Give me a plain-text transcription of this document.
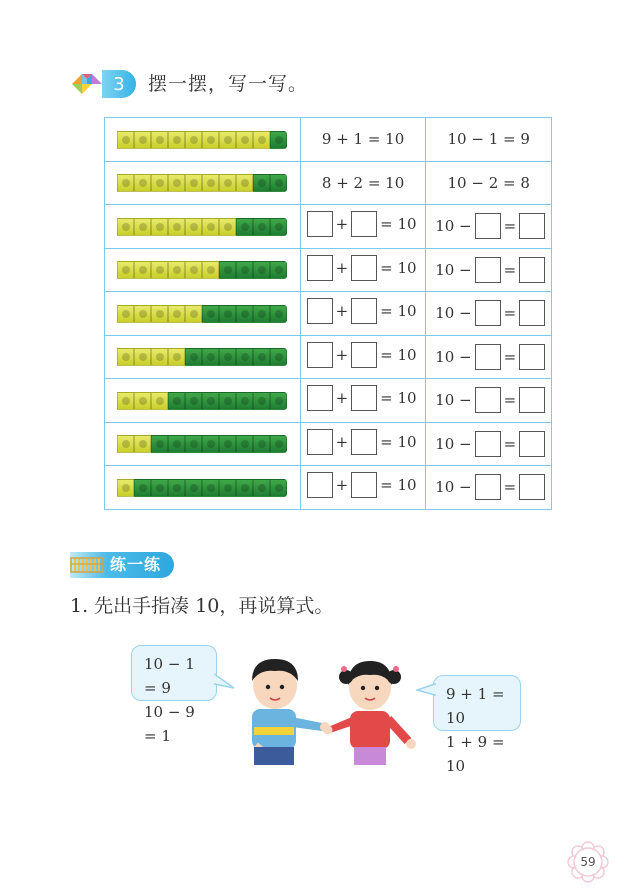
3	摆一摆，写一写。
	9 + 1 = 10	10 − 1 = 9

	8 + 2 = 10	10 − 2 = 8

	+ = 10	10 − =

	+ = 10	10 − =

	+ = 10	10 − =

	+ = 10	10 − =

	+ = 10	10 − =

	+ = 10	10 − =

	+ = 10	10 − =
练一练
1. 先出手指凑 10，再说算式。
10 − 1 = 9
10 − 9 = 1
9 + 1 = 10
1 + 9 = 10
59
